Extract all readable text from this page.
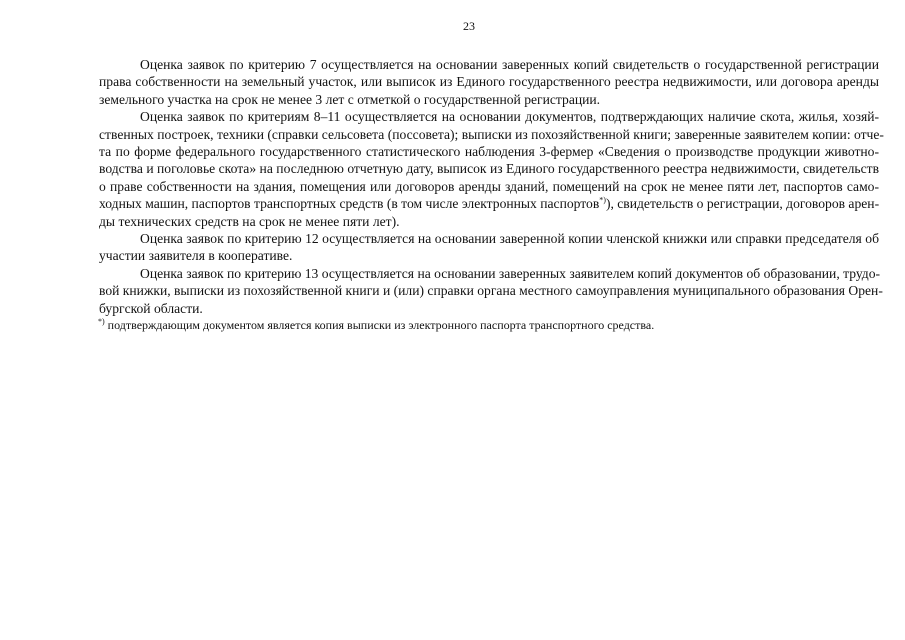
23

Оценка заявок по критерию 7 осуществляется на основании заверенных копий свидетельств о государственной регистрации
права собственности на земельный участок, или выписок из Единого государственного реестра недвижимости, или договора аренды
земельного участка на срок не менее 3 лет с отметкой о государственной регистрации.

Оценка заявок по критериям 8–11 осуществляется на основании документов, подтверждающих наличие скота, жилья, хозяй-
ственных построек, техники (справки сельсовета (поссовета); выписки из похозяйственной книги; заверенные заявителем копии: отче-
та по форме федерального государственного статистического наблюдения 3-фермер «Сведения о производстве продукции животно-
водства и поголовье скота» на последнюю отчетную дату, выписок из Единого государственного реестра недвижимости, свидетельств
о праве собственности на здания, помещения или договоров аренды зданий, помещений на срок не менее пяти лет, паспортов само-
ходных машин, паспортов транспортных средств (в том числе электронных паспортов*)), свидетельств о регистрации, договоров арен-
ды технических средств на срок не менее пяти лет).

Оценка заявок по критерию 12 осуществляется на основании заверенной копии членской книжки или справки председателя об
участии заявителя в кооперативе.

Оценка заявок по критерию 13 осуществляется на основании заверенных заявителем копий документов об образовании, трудо-
вой книжки, выписки из похозяйственной книги и (или) справки органа местного самоуправления муниципального образования Орен-
бургской области.

*) подтверждающим документом является копия выписки из электронного паспорта транспортного средства.
